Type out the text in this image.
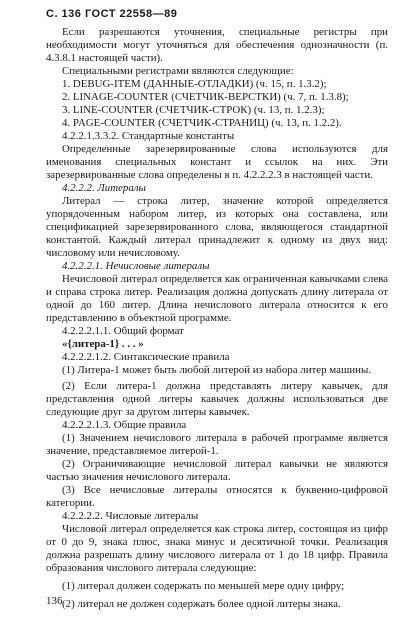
С. 136 ГОСТ 22558—89

Если разрешаются уточнения, специальные регистры при необходимости могут уточняться для обеспечения однозначности (п. 4.3.8.1 настоящей части).

Специальными регистрами являются следующие:

1. DEBUG-ITEM (ДАННЫЕ-ОТЛАДКИ) (ч. 15, п. 1.3.2);

2. LINAGE-COUNTER (СЧЕТЧИК-ВЕРСТКИ) (ч. 7, п. 1.3.8);

3. LINE-COUNTER (СЧЕТЧИК-СТРОК) (ч. 13, п. 1.2.3);

4. PAGE-COUNTER (СЧЕТЧИК-СТРАНИЦ) (ч. 13, п. 1.2.2).

4.2.2.1.3.3.2. Стандартные константы

Определенные зарезервированные слова используются для именования специальных констант и ссылок на них. Эти зарезервированные слова определены в п. 4.2.2.2.3 в настоящей части.

4.2.2.2. Литералы

Литерал — строка литер, значение которой определяется упорядоченным набором литер, из которых она составлена, или спецификацией зарезервированного слова, являющегося стандартной константой. Каждый литерал принадлежит к одному из двух вид: числовому или нечисловому.

4.2.2.2.1. Нечисловые литералы

Нечисловой литерал определяется как ограниченная кавычками слева и справа строка литер. Реализация должна допускать длину литерала от одной до 160 литер. Длина нечислового литерала относится к его представлению в объектной программе.

4.2.2.2.1.1. Общий формат

«{литера-1} . . . »

4.2.2.2.1.2. Синтаксические правила

(1) Литера-1 может быть любой литерой из набора литер машины.

(2) Если литера-1 должна представлять литеру кавычек, для представления одной литеры кавычек должны использоваться две следующие друг за другом литеры кавычек.

4.2.2.2.1.3. Общие правила

(1) Значением нечислового литерала в рабочей программе является значение, представляемое литерой-1.

(2) Ограничивающие нечисловой литерал кавычки не являются частью значения нечислового литерала.

(3) Все нечисловые литералы относятся к буквенно-цифровой категории.

4.2.2.2.2. Числовые литералы

Числовой литерал определяется как строка литер, состоящая из цифр от 0 до 9, знака плюс, знака минус и десятичной точки. Реализация должна разрешать длину числового литерала от 1 до 18 цифр. Правила образования числового литерала следующие:

(1) литерал должен содержать по меньшей мере одну цифру;

(2) литерал не должен содержать более одной литеры знака.

136
